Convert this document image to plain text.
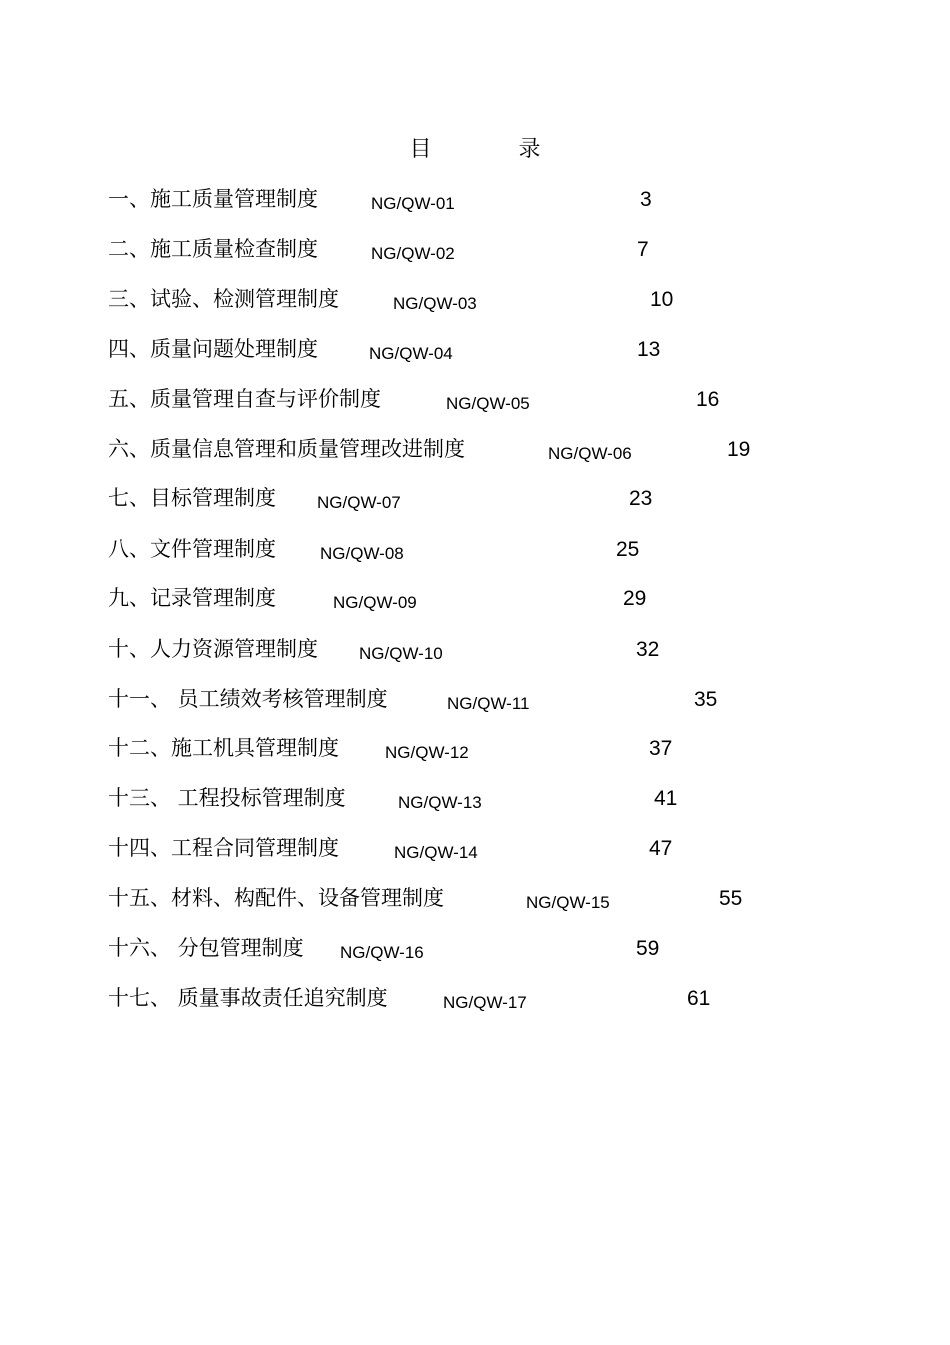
目 录
一、施工质量管理制度	NG/QW-01	3
二、施工质量检查制度	NG/QW-02	7
三、试验、检测管理制度	NG/QW-03	10
四、质量问题处理制度	NG/QW-04	13
五、质量管理自查与评价制度	NG/QW-05	16
六、质量信息管理和质量管理改进制度	NG/QW-06	19
七、目标管理制度 NG/QW-07	23
八、文件管理制度	NG/QW-08	25
九、记录管理制度	NG/QW-09	29
十、人力资源管理制度 NG/QW-10	32
十一、 员工绩效考核管理制度	NG/QW-11	35
十二、施工机具管理制度	NG/QW-12	37
十三、 工程投标管理制度	NG/QW-13	41
十四、工程合同管理制度	NG/QW-14	47
十五、材料、构配件、设备管理制度	NG/QW-15	55
十六、 分包管理制度 NG/QW-16	59
十七、 质量事故责任追究制度	NG/QW-17	61
